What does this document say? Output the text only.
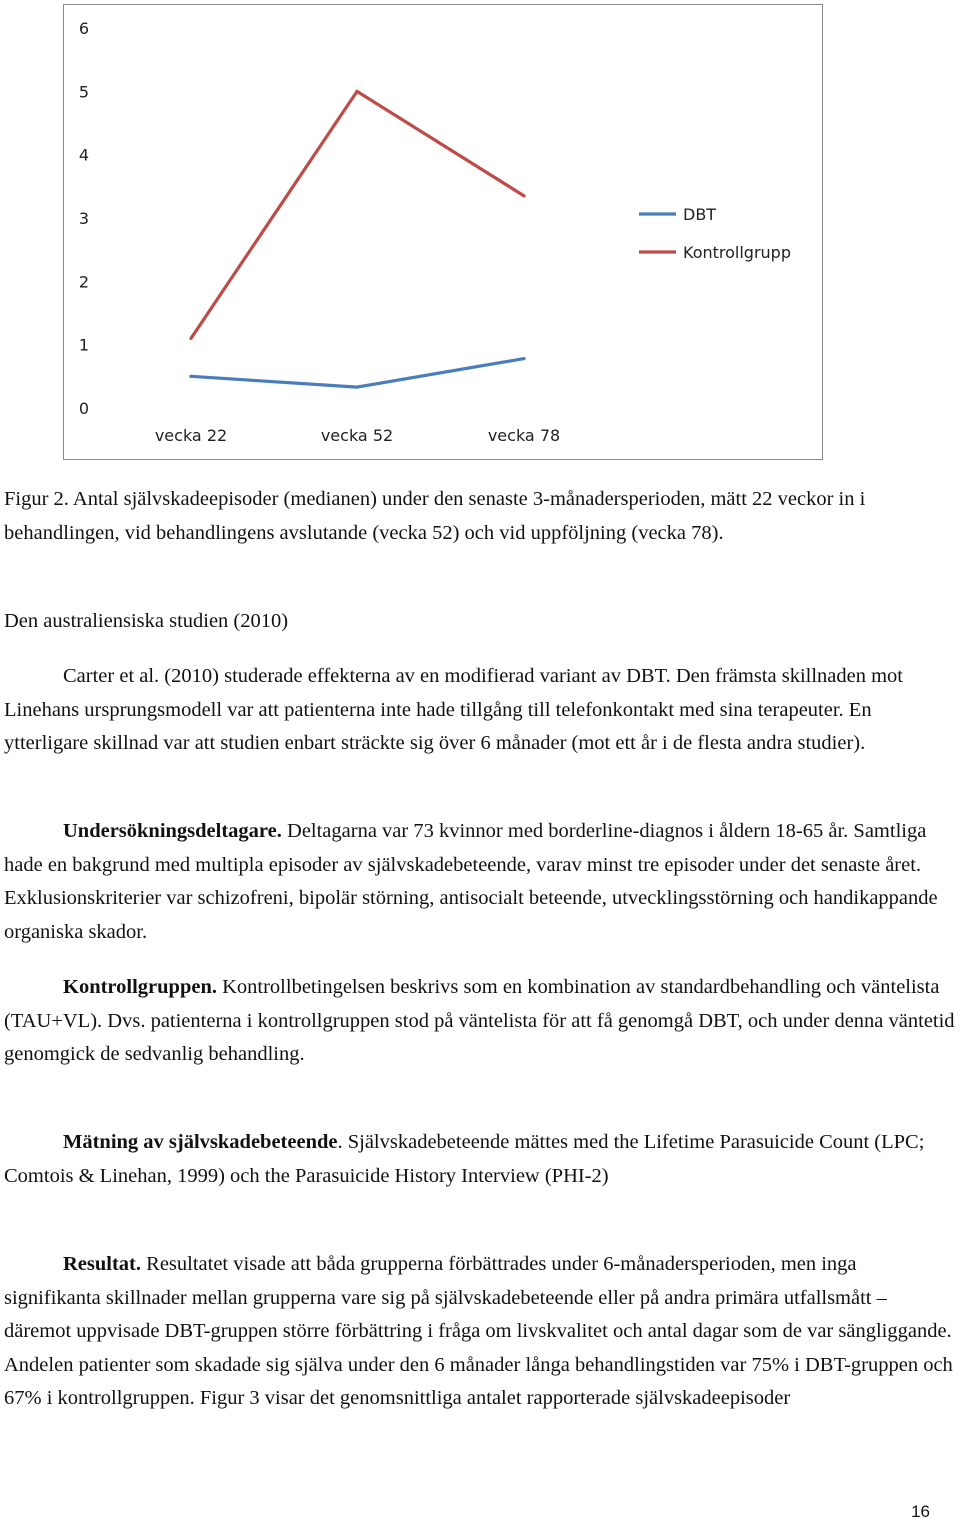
0
1
2
3
4
5
6
vecka 22	vecka 52	vecka 78
DBT
Kontrollgrupp

Figur 2. Antal självskadeepisoder (medianen) under den senaste 3-månadersperioden, mätt 22 veckor in i behandlingen, vid behandlingens avslutande (vecka 52) och vid uppföljning (vecka 78).

Den australiensiska studien (2010)

Carter et al. (2010) studerade effekterna av en modifierad variant av DBT. Den främsta skillnaden mot Linehans ursprungsmodell var att patienterna inte hade tillgång till telefonkontakt med sina terapeuter. En ytterligare skillnad var att studien enbart sträckte sig över 6 månader (mot ett år i de flesta andra studier).

Undersökningsdeltagare. Deltagarna var 73 kvinnor med borderline-diagnos i åldern 18-65 år. Samtliga hade en bakgrund med multipla episoder av självskadebeteende, varav minst tre episoder under det senaste året. Exklusionskriterier var schizofreni, bipolär störning, antisocialt beteende, utvecklingsstörning och handikappande organiska skador.

Kontrollgruppen. Kontrollbetingelsen beskrivs som en kombination av standardbehandling och väntelista (TAU+VL). Dvs. patienterna i kontrollgruppen stod på väntelista för att få genomgå DBT, och under denna väntetid genomgick de sedvanlig behandling.

Mätning av självskadebeteende. Självskadebeteende mättes med the Lifetime Parasuicide Count (LPC; Comtois & Linehan, 1999) och the Parasuicide History Interview (PHI-2)

Resultat. Resultatet visade att båda grupperna förbättrades under 6-månadersperioden, men inga signifikanta skillnader mellan grupperna vare sig på självskadebeteende eller på andra primära utfallsmått – däremot uppvisade DBT-gruppen större förbättring i fråga om livskvalitet och antal dagar som de var sängliggande. Andelen patienter som skadade sig själva under den 6 månader långa behandlingstiden var 75% i DBT-gruppen och 67% i kontrollgruppen. Figur 3 visar det genomsnittliga antalet rapporterade självskadeepisoder

16
